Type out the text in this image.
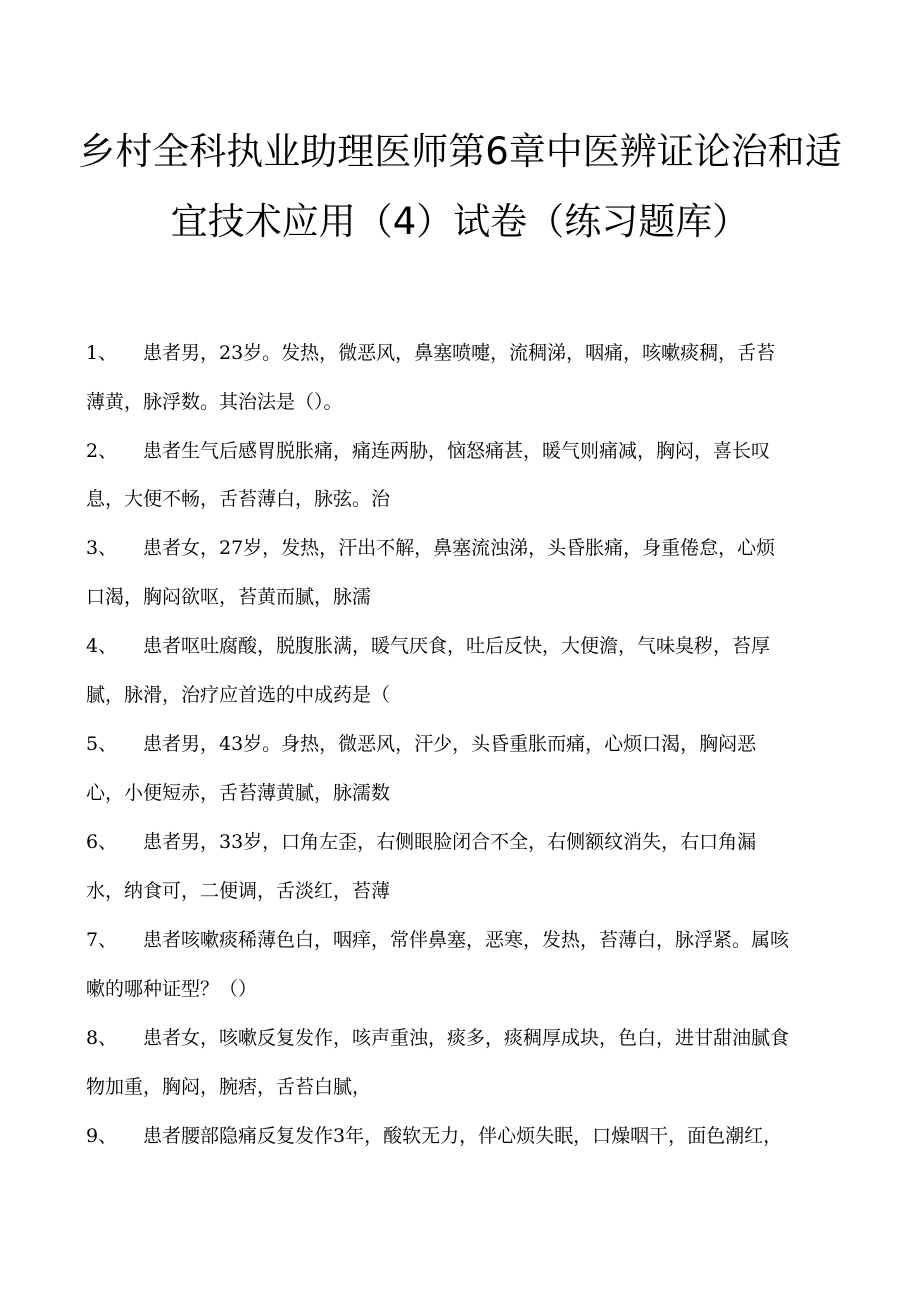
乡村全科执业助理医师第6章中医辨证论治和适
宜技术应用（4）试卷（练习题库）
1、 患者男，23岁。发热，微恶风，鼻塞喷嚏，流稠涕，咽痛，咳嗽痰稠，舌苔
薄黄，脉浮数。其治法是（）。
2、 患者生气后感胃脱胀痛，痛连两胁，恼怒痛甚，暖气则痛减，胸闷，喜长叹
息，大便不畅，舌苔薄白，脉弦。治
3、 患者女，27岁，发热，汗出不解，鼻塞流浊涕，头昏胀痛，身重倦怠，心烦
口渴，胸闷欲呕，苔黄而腻，脉濡
4、 患者呕吐腐酸，脱腹胀满，暖气厌食，吐后反快，大便澹，气味臭秽，苔厚
腻，脉滑，治疗应首选的中成药是（
5、 患者男，43岁。身热，微恶风，汗少，头昏重胀而痛，心烦口渴，胸闷恶
心，小便短赤，舌苔薄黄腻，脉濡数
6、 患者男，33岁，口角左歪，右侧眼脸闭合不全，右侧额纹消失，右口角漏
水，纳食可，二便调，舌淡红，苔薄
7、 患者咳嗽痰稀薄色白，咽痒，常伴鼻塞，恶寒，发热，苔薄白，脉浮紧。属咳
嗽的哪种证型？（）
8、 患者女，咳嗽反复发作，咳声重浊，痰多，痰稠厚成块，色白，进甘甜油腻食
物加重，胸闷，腕痞，舌苔白腻，
9、 患者腰部隐痛反复发作3年，酸软无力，伴心烦失眠，口燥咽干，面色潮红，
